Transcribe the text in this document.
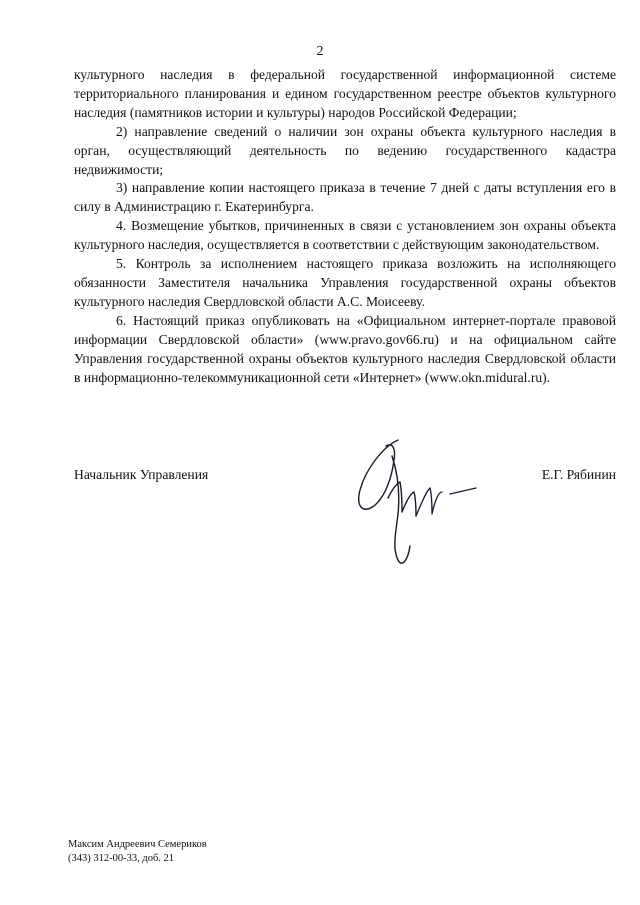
2

культурного наследия в федеральной государственной информационной системе территориального планирования и едином государственном реестре объектов культурного наследия (памятников истории и культуры) народов Российской Федерации;

2) направление сведений о наличии зон охраны объекта культурного наследия в орган, осуществляющий деятельность по ведению государственного кадастра недвижимости;

3) направление копии настоящего приказа в течение 7 дней с даты вступления его в силу в Администрацию г. Екатеринбурга.

4. Возмещение убытков, причиненных в связи с установлением зон охраны объекта культурного наследия, осуществляется в соответствии с действующим законодательством.

5. Контроль за исполнением настоящего приказа возложить на исполняющего обязанности Заместителя начальника Управления государственной охраны объектов культурного наследия Свердловской области А.С. Моисееву.

6. Настоящий приказ опубликовать на «Официальном интернет-портале правовой информации Свердловской области» (www.pravo.gov66.ru) и на официальном сайте Управления государственной охраны объектов культурного наследия Свердловской области в информационно-телекоммуникационной сети «Интернет» (www.okn.midural.ru).

Начальник Управления	Е.Г. Рябинин
Максим Андреевич Семериков
(343) 312-00-33, доб. 21
